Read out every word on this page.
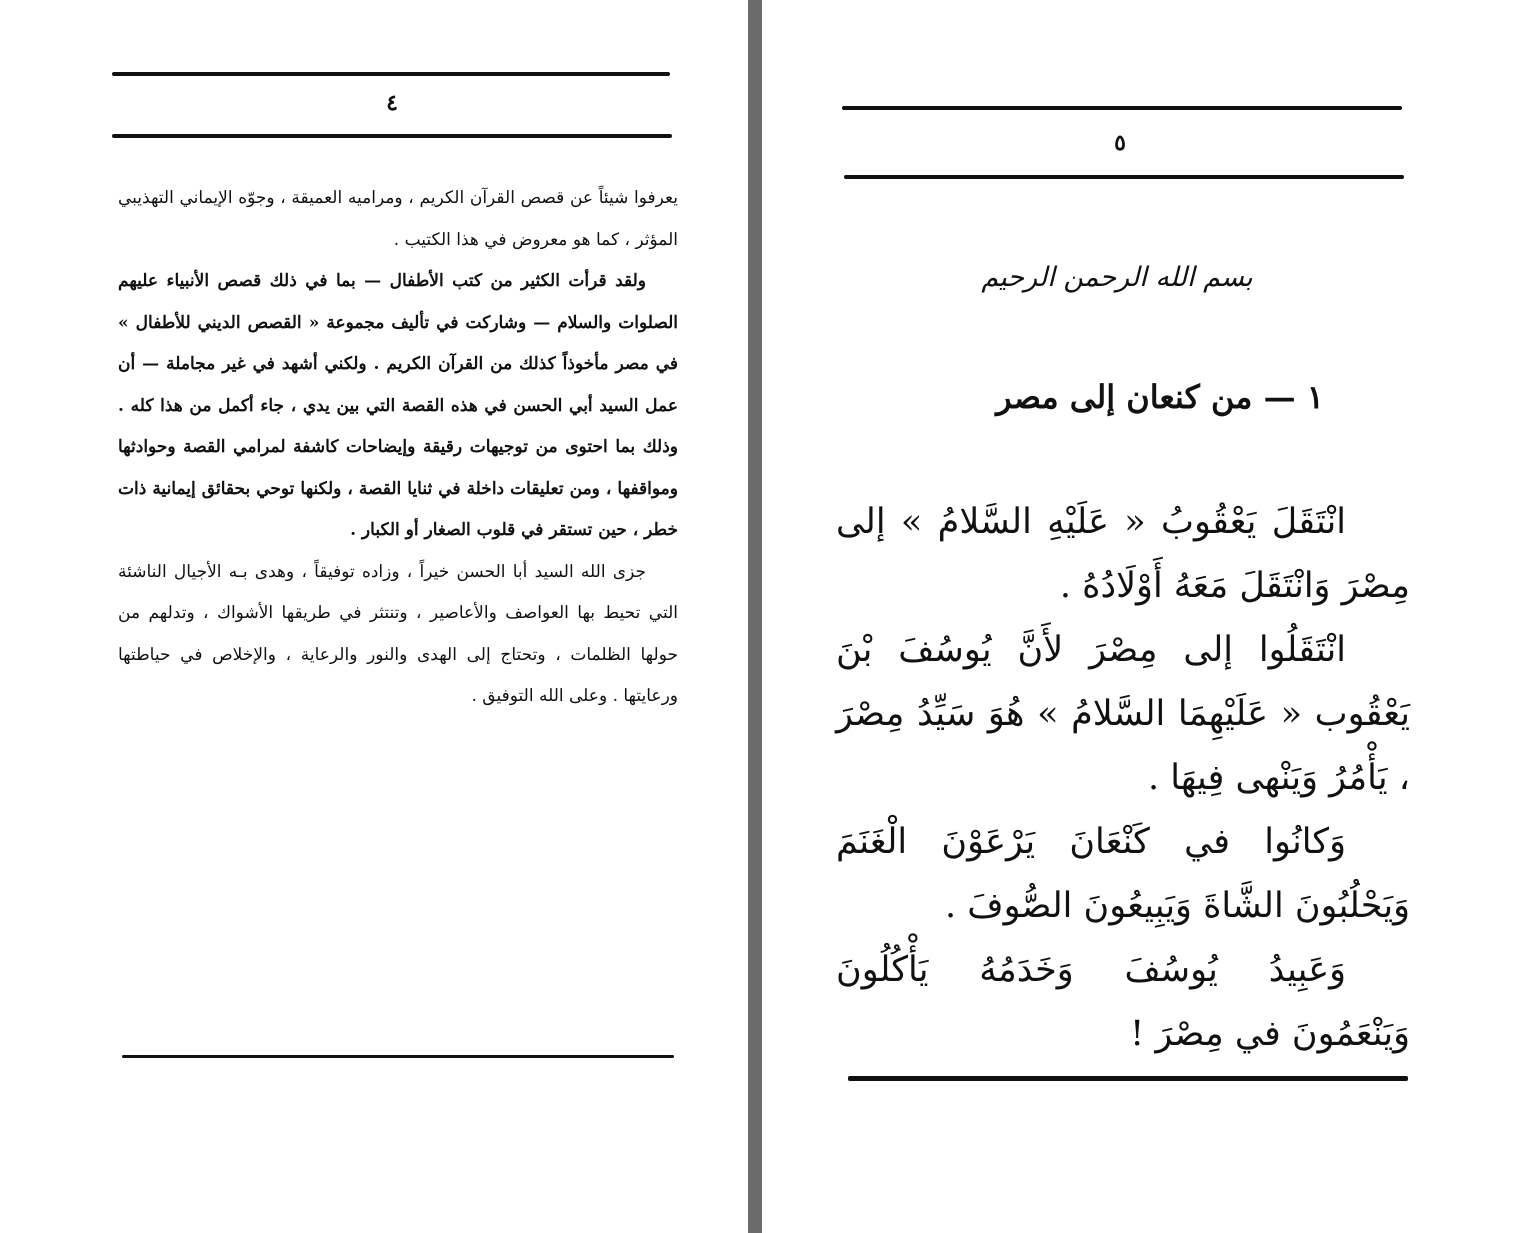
٤

يعرفوا شيئاً عن قصص القرآن الكريم ، ومراميه العميقة ، وجوّه الإيماني التهذيبي المؤثر ، كما هو معروض في هذا الكتيب .

ولقد قرأت الكثير من كتب الأطفال — بما في ذلك قصص الأنبياء عليهم الصلوات والسلام — وشاركت في تأليف مجموعة « القصص الديني للأطفال » في مصر مأخوذاً كذلك من القرآن الكريم . ولكني أشهد في غير مجاملة — أن عمل السيد أبي الحسن في هذه القصة التي بين يدي ، جاء أكمل من هذا كله . وذلك بما احتوى من توجيهات رقيقة وإيضاحات كاشفة لمرامي القصة وحوادثها ومواقفها ، ومن تعليقات داخلة في ثنايا القصة ، ولكنها توحي بحقائق إيمانية ذات خطر ، حين تستقر في قلوب الصغار أو الكبار .

جزى الله السيد أبا الحسن خيراً ، وزاده توفيقاً ، وهدى بـه الأجيال الناشئة التي تحيط بها العواصف والأعاصير ، وتنتثر في طريقها الأشواك ، وتدلهم من حولها الظلمات ، وتحتاج إلى الهدى والنور والرعاية ، والإخلاص في حياطتها ورعايتها . وعلى الله التوفيق .

٥
بسم الله الرحمن الرحيم
١ — من كنعان إلى مصر

انْتَقَلَ يَعْقُوبُ « عَلَيْهِ السَّلامُ » إلى مِصْرَ وَانْتَقَلَ مَعَهُ أَوْلَادُهُ .

انْتَقَلُوا إلى مِصْرَ لأَنَّ يُوسُفَ بْنَ يَعْقُوب « عَلَيْهِمَا السَّلامُ » هُوَ سَيِّدُ مِصْرَ ، يَأْمُرُ وَيَنْهى فِيهَا .

وَكانُوا في كَنْعَانَ يَرْعَوْنَ الْغَنَمَ وَيَحْلُبُونَ الشَّاةَ وَيَبِيعُونَ الصُّوفَ .

وَعَبِيدُ يُوسُفَ وَخَدَمُهُ يَأْكُلُونَ وَيَنْعَمُونَ في مِصْرَ !
